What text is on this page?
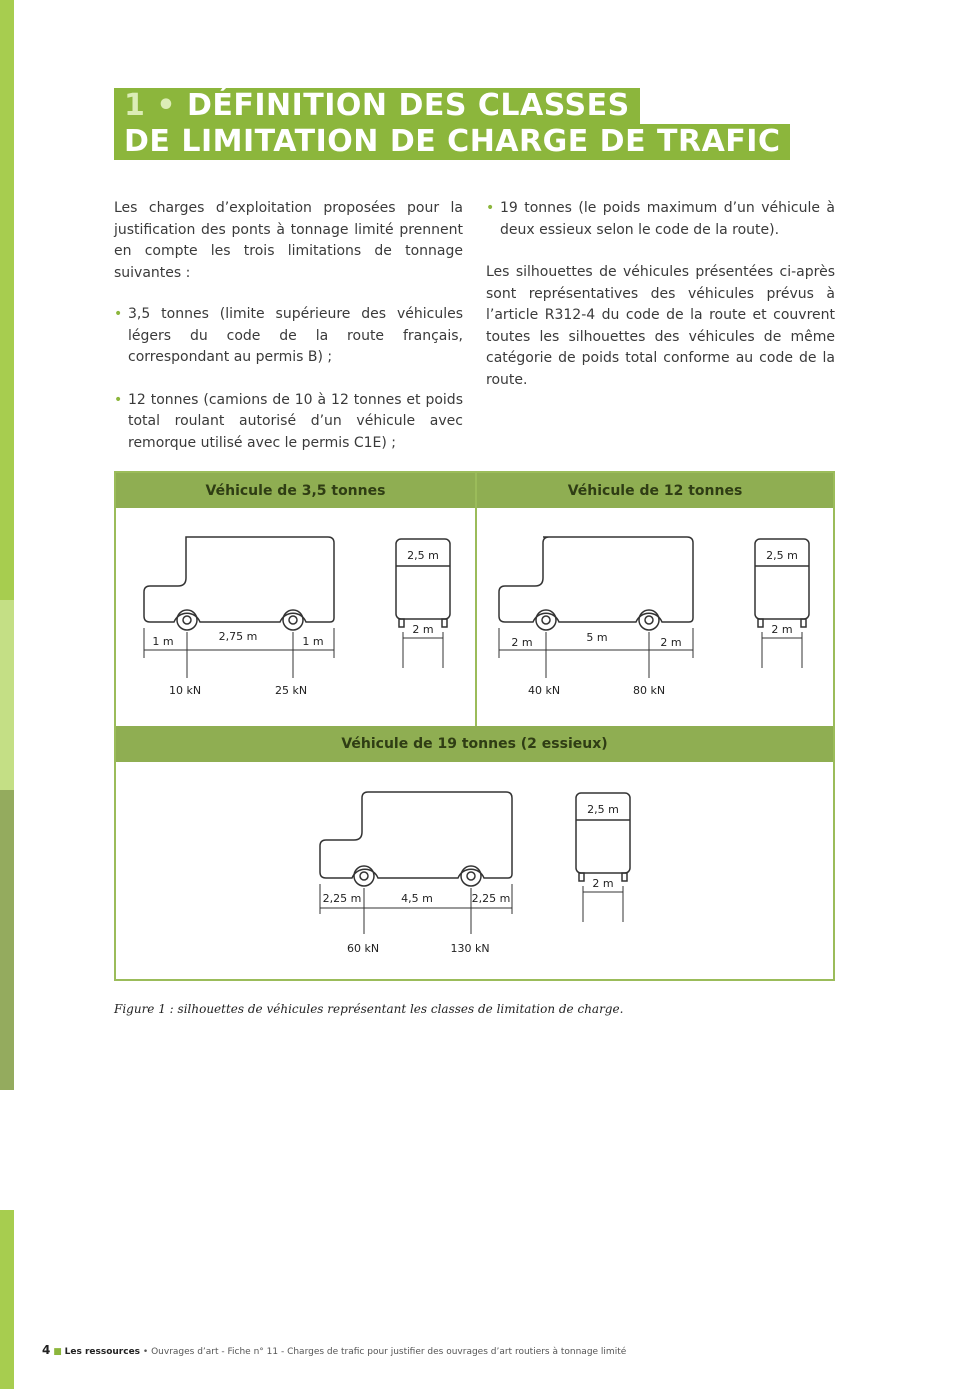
1 • DÉFINITION DES CLASSES
DE LIMITATION DE CHARGE DE TRAFIC

Les charges d’exploitation proposées pour la justification des ponts à tonnage limité prennent en compte les trois limitations de tonnage suivantes :

• 3,5 tonnes (limite supérieure des véhicules légers du code de la route français, correspondant au permis B) ;
• 12 tonnes (camions de 10 à 12 tonnes et poids total roulant autorisé d’un véhicule avec remorque utilisé avec le permis C1E) ;
• 19 tonnes (le poids maximum d’un véhicule à deux essieux selon le code de la route).

Les silhouettes de véhicules présentées ci-après sont représentatives des véhicules prévus à l’article R312-4 du code de la route et couvrent toutes les silhouettes des véhicules de même catégorie de poids total conforme au code de la route.

Véhicule de 3,5 tonnes	Véhicule de 12 tonnes
Véhicule de 19 tonnes (2 essieux)
1 m	2,75 m	1 m
10 kN	25 kN
2,5 m
2 m
2 m	5 m	2 m
40 kN	80 kN
2,5 m
2 m
2,25 m	4,5 m	2,25 m
60 kN	130 kN
2,5 m
2 m
Figure 1 : silhouettes de véhicules représentant les classes de limitation de charge.
4 ■ Les ressources • Ouvrages d’art - Fiche n° 11 - Charges de trafic pour justifier des ouvrages d’art routiers à tonnage limité
